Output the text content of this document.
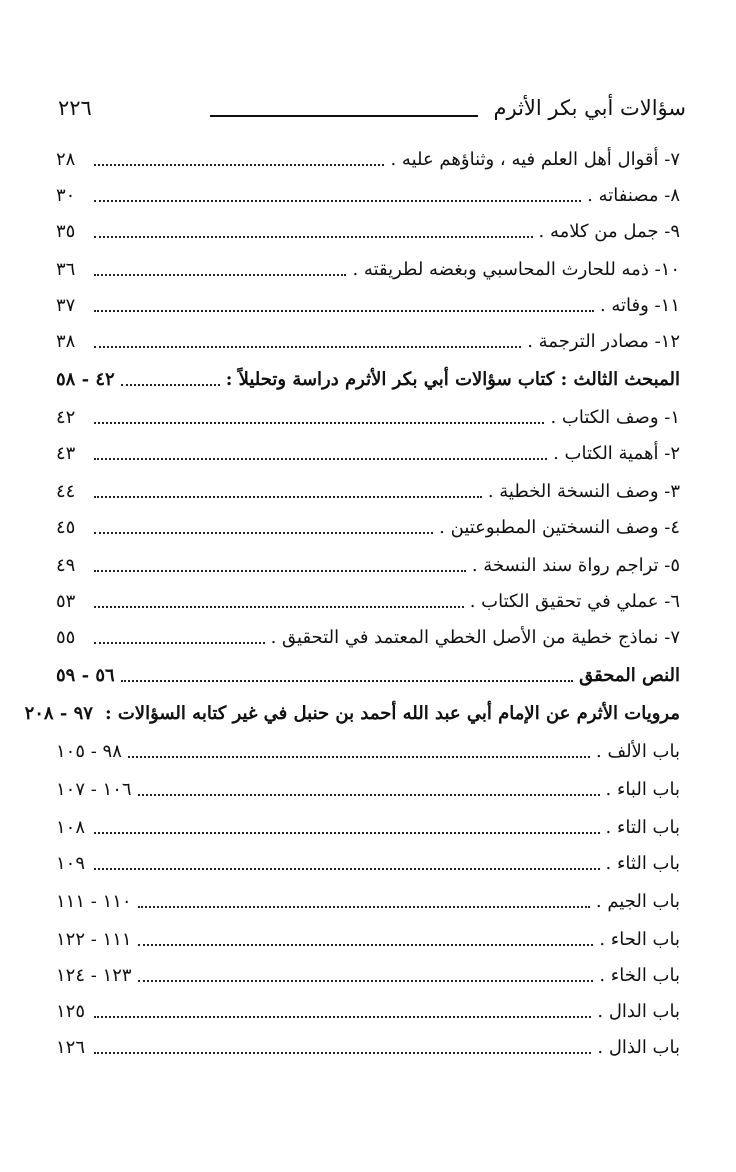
سؤالات أبي بكر الأثرم
٢٢٦
٧- أقوال أهل العلم فيه ، وثناؤهم عليه .
٢٨
٨- مصنفاته .
٣٠
٩- جمل من كلامه .
٣٥
١٠- ذمه للحارث المحاسبي وبغضه لطريقته .
٣٦
١١- وفاته .
٣٧
١٢- مصادر الترجمة .
٣٨
المبحث الثالث : كتاب سؤالات أبي بكر الأثرم دراسة وتحليلاً :
٤٢ - ٥٨
١- وصف الكتاب .
٤٢
٢- أهمية الكتاب .
٤٣
٣- وصف النسخة الخطية .
٤٤
٤- وصف النسختين المطبوعتين .
٤٥
٥- تراجم رواة سند النسخة .
٤٩
٦- عملي في تحقيق الكتاب .
٥٣
٧- نماذج خطية من الأصل الخطي المعتمد في التحقيق .
٥٥
النص المحقق
٥٦ - ٥٩
مرويات الأثرم عن الإمام أبي عبد الله أحمد بن حنبل في غير كتابه السؤالات :
٩٧ - ٢٠٨
باب الألف .
٩٨ - ١٠٥
باب الباء .
١٠٦ - ١٠٧
باب التاء .
١٠٨
باب الثاء .
١٠٩
باب الجيم .
١١٠ - ١١١
باب الحاء .
١١١ - ١٢٢
باب الخاء .
١٢٣ - ١٢٤
باب الدال .
١٢٥
باب الذال .
١٢٦
